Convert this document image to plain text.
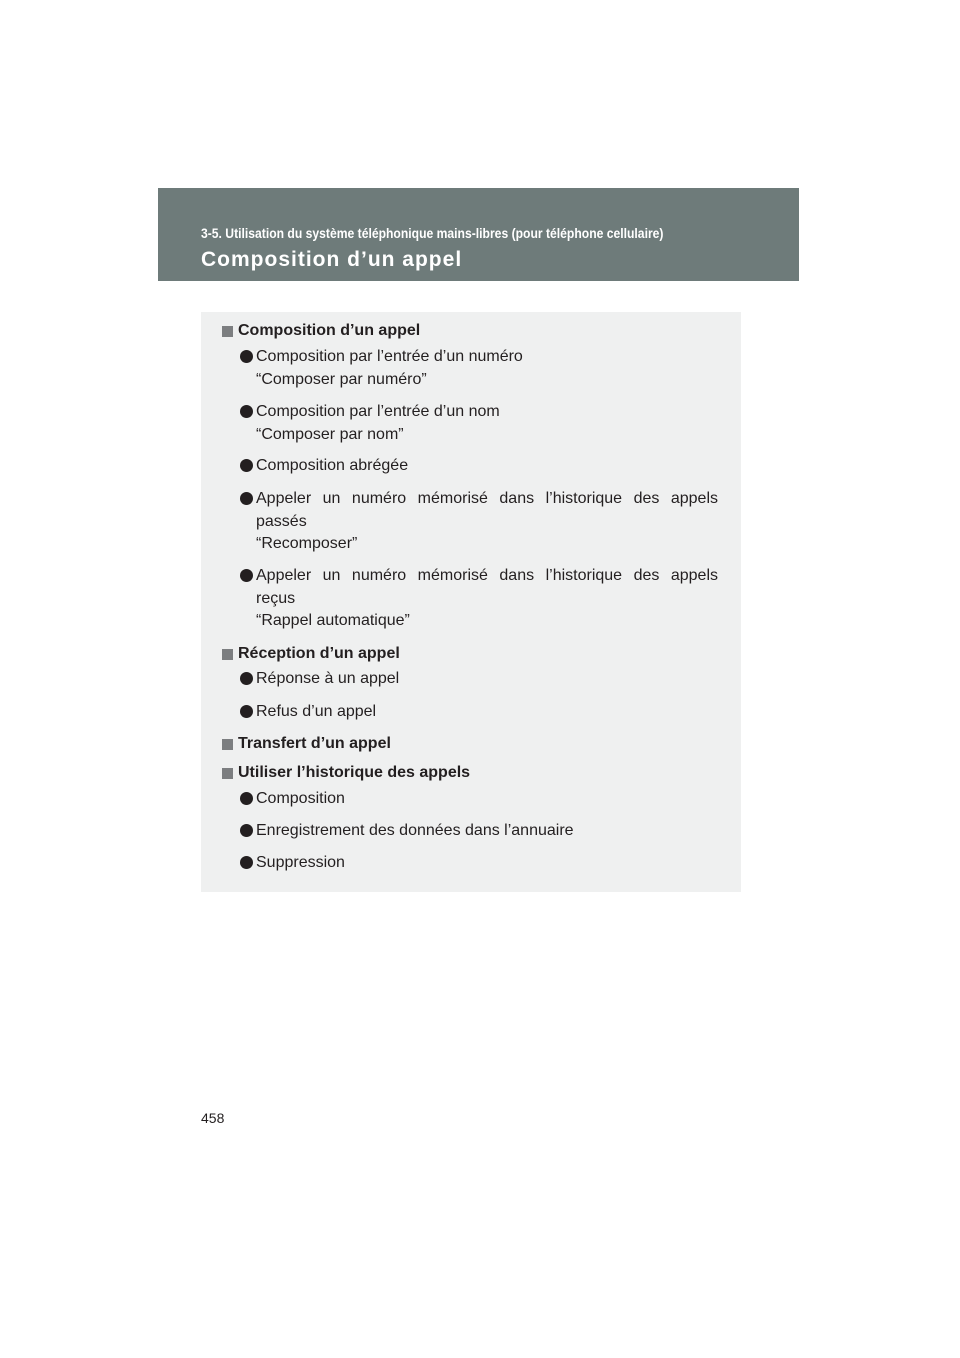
3-5. Utilisation du système téléphonique mains-libres (pour téléphone cellulaire)
Composition d’un appel
Composition d’un appel
Composition par l’entrée d’un numéro
“Composer par numéro”
Composition par l’entrée d’un nom
“Composer par nom”
Composition abrégée
Appeler un numéro mémorisé dans l’historique des appels
passés
“Recomposer”
Appeler un numéro mémorisé dans l’historique des appels
reçus
“Rappel automatique”
Réception d’un appel
Réponse à un appel
Refus d’un appel
Transfert d’un appel
Utiliser l’historique des appels
Composition
Enregistrement des données dans l’annuaire
Suppression
458
